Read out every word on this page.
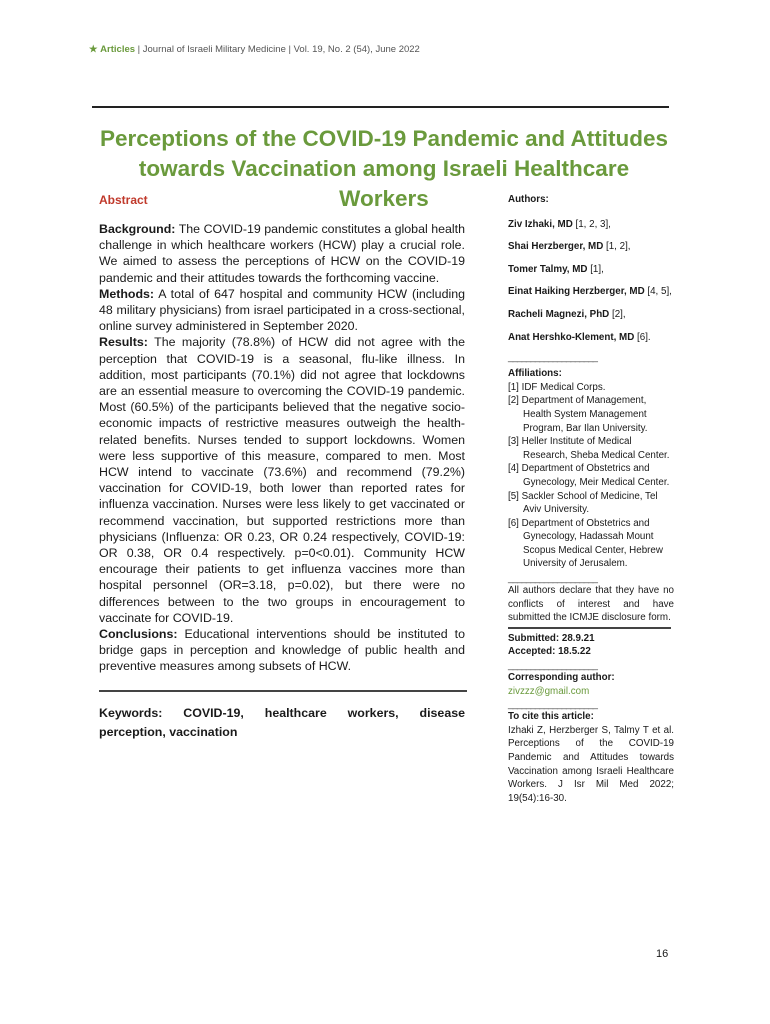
★ Articles | Journal of Israeli Military Medicine | Vol. 19, No. 2 (54), June 2022
Perceptions of the COVID-19 Pandemic and Attitudes towards Vaccination among Israeli Healthcare Workers
Abstract

Background: The COVID-19 pandemic constitutes a global health challenge in which healthcare workers (HCW) play a crucial role. We aimed to assess the perceptions of HCW on the COVID-19 pandemic and their attitudes towards the forthcoming vaccine.
Methods: A total of 647 hospital and community HCW (including 48 military physicians) from israel participated in a cross-sectional, online survey administered in September 2020.
Results: The majority (78.8%) of HCW did not agree with the perception that COVID-19 is a seasonal, flu-like illness. In addition, most participants (70.1%) did not agree that lockdowns are an essential measure to overcoming the COVID-19 pandemic. Most (60.5%) of the participants believed that the negative socio-economic impacts of restrictive measures outweigh the health-related benefits. Nurses tended to support lockdowns. Women were less supportive of this measure, compared to men. Most HCW intend to vaccinate (73.6%) and recommend (79.2%) vaccination for COVID-19, both lower than reported rates for influenza vaccination. Nurses were less likely to get vaccinated or recommend vaccination, but supported restrictions more than physicians (Influenza: OR 0.23, OR 0.24 respectively, COVID-19: OR 0.38, OR 0.4 respectively. p=0<0.01). Community HCW encourage their patients to get influenza vaccines more than hospital personnel (OR=3.18, p=0.02), but there were no differences between to the two groups in encouragement to vaccinate for COVID-19.
Conclusions: Educational interventions should be instituted to bridge gaps in perception and knowledge of public health and preventive measures among subsets of HCW.

Keywords: COVID-19, healthcare workers, disease perception, vaccination
Authors:
Ziv Izhaki, MD [1, 2, 3],
Shai Herzberger, MD [1, 2],
Tomer Talmy, MD [1],
Einat Haiking Herzberger, MD [4, 5],
Racheli Magnezi, PhD [2],
Anat Hershko-Klement, MD [6].
____________________
Affiliations:
[1] IDF Medical Corps.
[2] Department of Management, Health System Management Program, Bar Ilan University.
[3] Heller Institute of Medical Research, Sheba Medical Center.
[4] Department of Obstetrics and Gynecology, Meir Medical Center.
[5] Sackler School of Medicine, Tel Aviv University.
[6] Department of Obstetrics and Gynecology, Hadassah Mount Scopus Medical Center, Hebrew University of Jerusalem.
____________________
All authors declare that they have no conflicts of interest and have submitted the ICMJE disclosure form.
Submitted: 28.9.21
Accepted: 18.5.22
____________________
Corresponding author:
zivzzz@gmail.com
____________________
To cite this article:
Izhaki Z, Herzberger S, Talmy T et al. Perceptions of the COVID-19 Pandemic and Attitudes towards Vaccination among Israeli Healthcare Workers. J Isr Mil Med 2022; 19(54):16-30.
16
